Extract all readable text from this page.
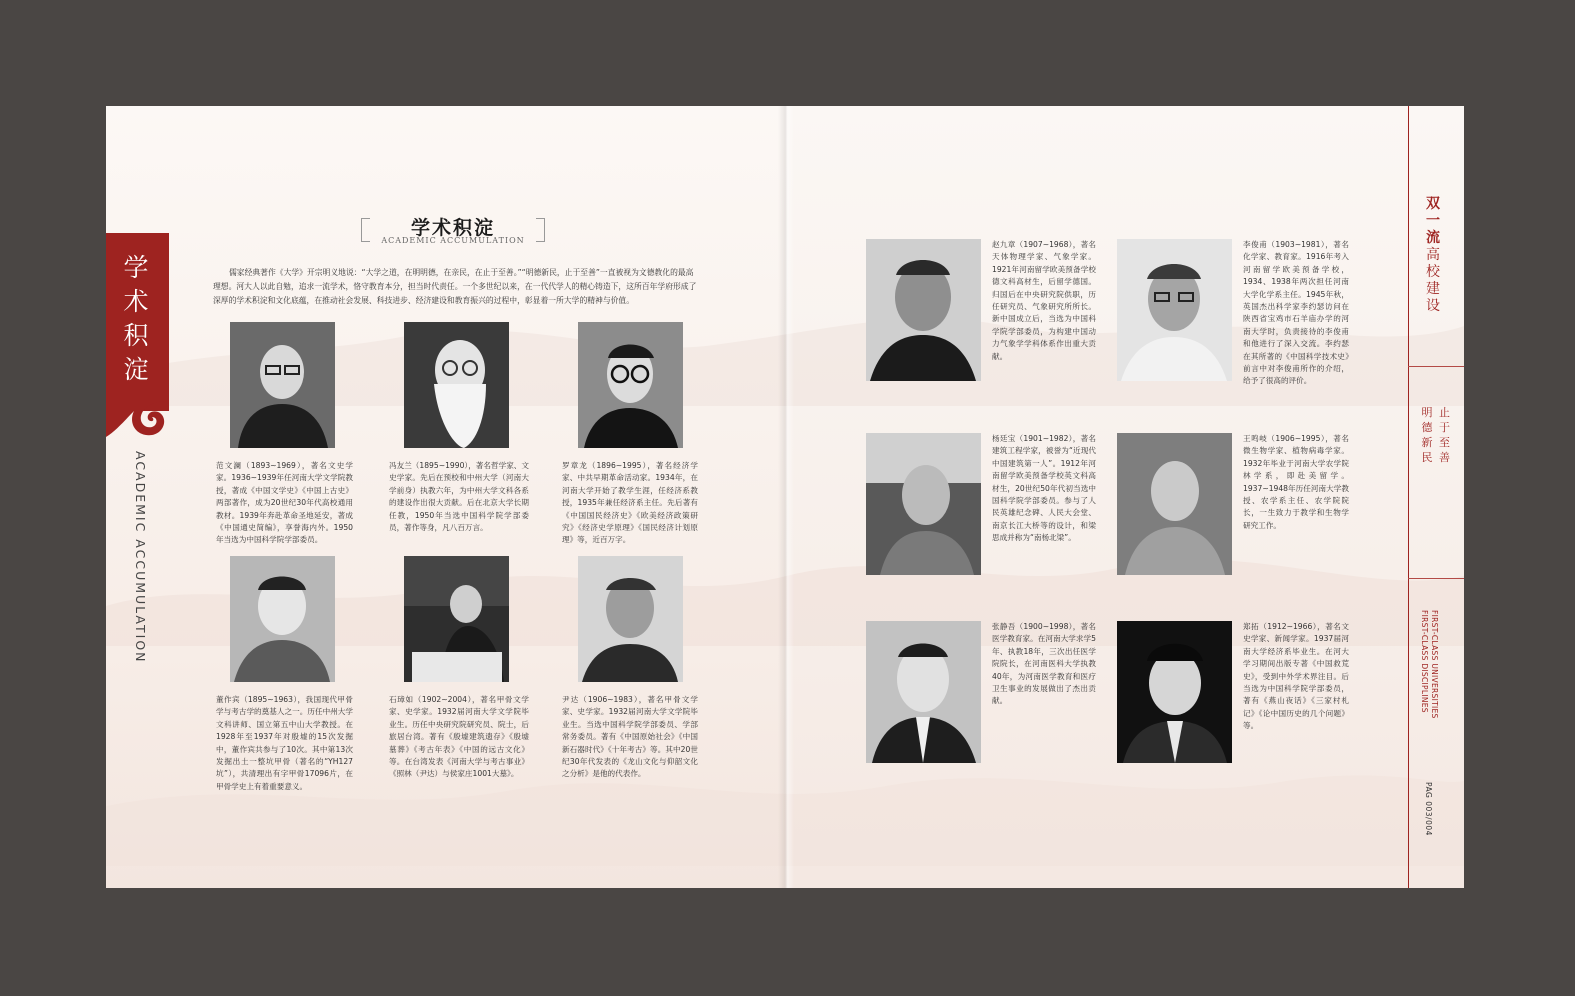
学术积淀
ACADEMIC ACCUMULATION
学术积淀
ACADEMIC ACCUMULATION
儒家经典著作《大学》开宗明义地说：“大学之道，在明明德，在亲民，在止于至善。”“明德新民，止于至善”一直被视为文德教化的最高理想。河大人以此自勉，追求一流学术，恪守教育本分，担当时代责任。一个多世纪以来，在一代代学人的精心铸造下，这所百年学府形成了深厚的学术积淀和文化底蕴，在推动社会发展、科技进步、经济建设和教育振兴的过程中，彰显着一所大学的精神与价值。
范文澜（1893~1969），著名文史学家。1936~1939年任河南大学文学院教授，著成《中国文学史》《中国上古史》两部著作，成为20世纪30年代高校通用教材。1939年奔赴革命圣地延安，著成《中国通史简编》，享誉海内外。1950年当选为中国科学院学部委员。
冯友兰（1895~1990），著名哲学家、文史学家。先后在预校和中州大学（河南大学前身）执教六年，为中州大学文科各系的建设作出很大贡献。后在北京大学长期任教，1950年当选中国科学院学部委员，著作等身，凡八百万言。
罗章龙（1896~1995），著名经济学家、中共早期革命活动家。1934年，在河南大学开始了教学生涯，任经济系教授，1935年兼任经济系主任。先后著有《中国国民经济史》《欧美经济政策研究》《经济史学原理》《国民经济计划原理》等，近百万字。
董作宾（1895~1963），我国现代甲骨学与考古学的奠基人之一。历任中州大学文科讲师、国立第五中山大学教授。在1928年至1937年对殷墟的15次发掘中，董作宾共参与了10次。其中第13次发掘出土一整坑甲骨（著名的“YH127坑”），共清理出有字甲骨17096片，在甲骨学史上有着重要意义。
石璋如（1902~2004），著名甲骨文学家、史学家。1932届河南大学文学院毕业生。历任中央研究院研究员、院士，后旅居台湾。著有《殷墟建筑遗存》《殷墟墓葬》《考古年表》《中国的远古文化》等。在台湾发表《河南大学与考古事业》《照林（尹达）与侯家庄1001大墓》。
尹达（1906~1983），著名甲骨文学家、史学家。1932届河南大学文学院毕业生。当选中国科学院学部委员、学部常务委员。著有《中国原始社会》《中国新石器时代》《十年考古》等。其中20世纪30年代发表的《龙山文化与仰韶文化之分析》是他的代表作。
赵九章（1907~1968），著名天体物理学家、气象学家。1921年河南留学欧美预备学校德文科高材生，后留学德国。归国后在中央研究院供职，历任研究员、气象研究所所长。新中国成立后，当选为中国科学院学部委员，为构建中国动力气象学学科体系作出重大贡献。
李俊甫（1903~1981），著名化学家、教育家。1916年考入河南留学欧美预备学校，1934、1938年两次担任河南大学化学系主任。1945年秋，英国杰出科学家李约瑟访问在陕西省宝鸡市石羊庙办学的河南大学时，负责接待的李俊甫和他进行了深入交流。李约瑟在其所著的《中国科学技术史》前言中对李俊甫所作的介绍，给予了很高的评价。
杨廷宝（1901~1982），著名建筑工程学家，被誉为“近现代中国建筑第一人”。1912年河南留学欧美预备学校英文科高材生，20世纪50年代初当选中国科学院学部委员。参与了人民英雄纪念碑、人民大会堂、南京长江大桥等的设计，和梁思成并称为“南杨北梁”。
王鸣岐（1906~1995），著名微生物学家、植物病毒学家。1932年毕业于河南大学农学院林学系，即赴美留学。1937~1948年历任河南大学教授、农学系主任、农学院院长，一生致力于教学和生物学研究工作。
张静吾（1900~1998），著名医学教育家。在河南大学求学5年、执教18年，三次出任医学院院长，在河南医科大学执教40年，为河南医学教育和医疗卫生事业的发展做出了杰出贡献。
郑拓（1912~1966），著名文史学家、新闻学家。1937届河南大学经济系毕业生。在河大学习期间出版专著《中国救荒史》，受到中外学术界注目。后当选为中国科学院学部委员，著有《燕山夜话》《三家村札记》《论中国历史的几个问题》等。
双一流高校建设
明德新民 止于至善
FIRST-CLASS UNIVERSITIES
FIRST-CLASS DISCIPLINES
PAG 003/004
